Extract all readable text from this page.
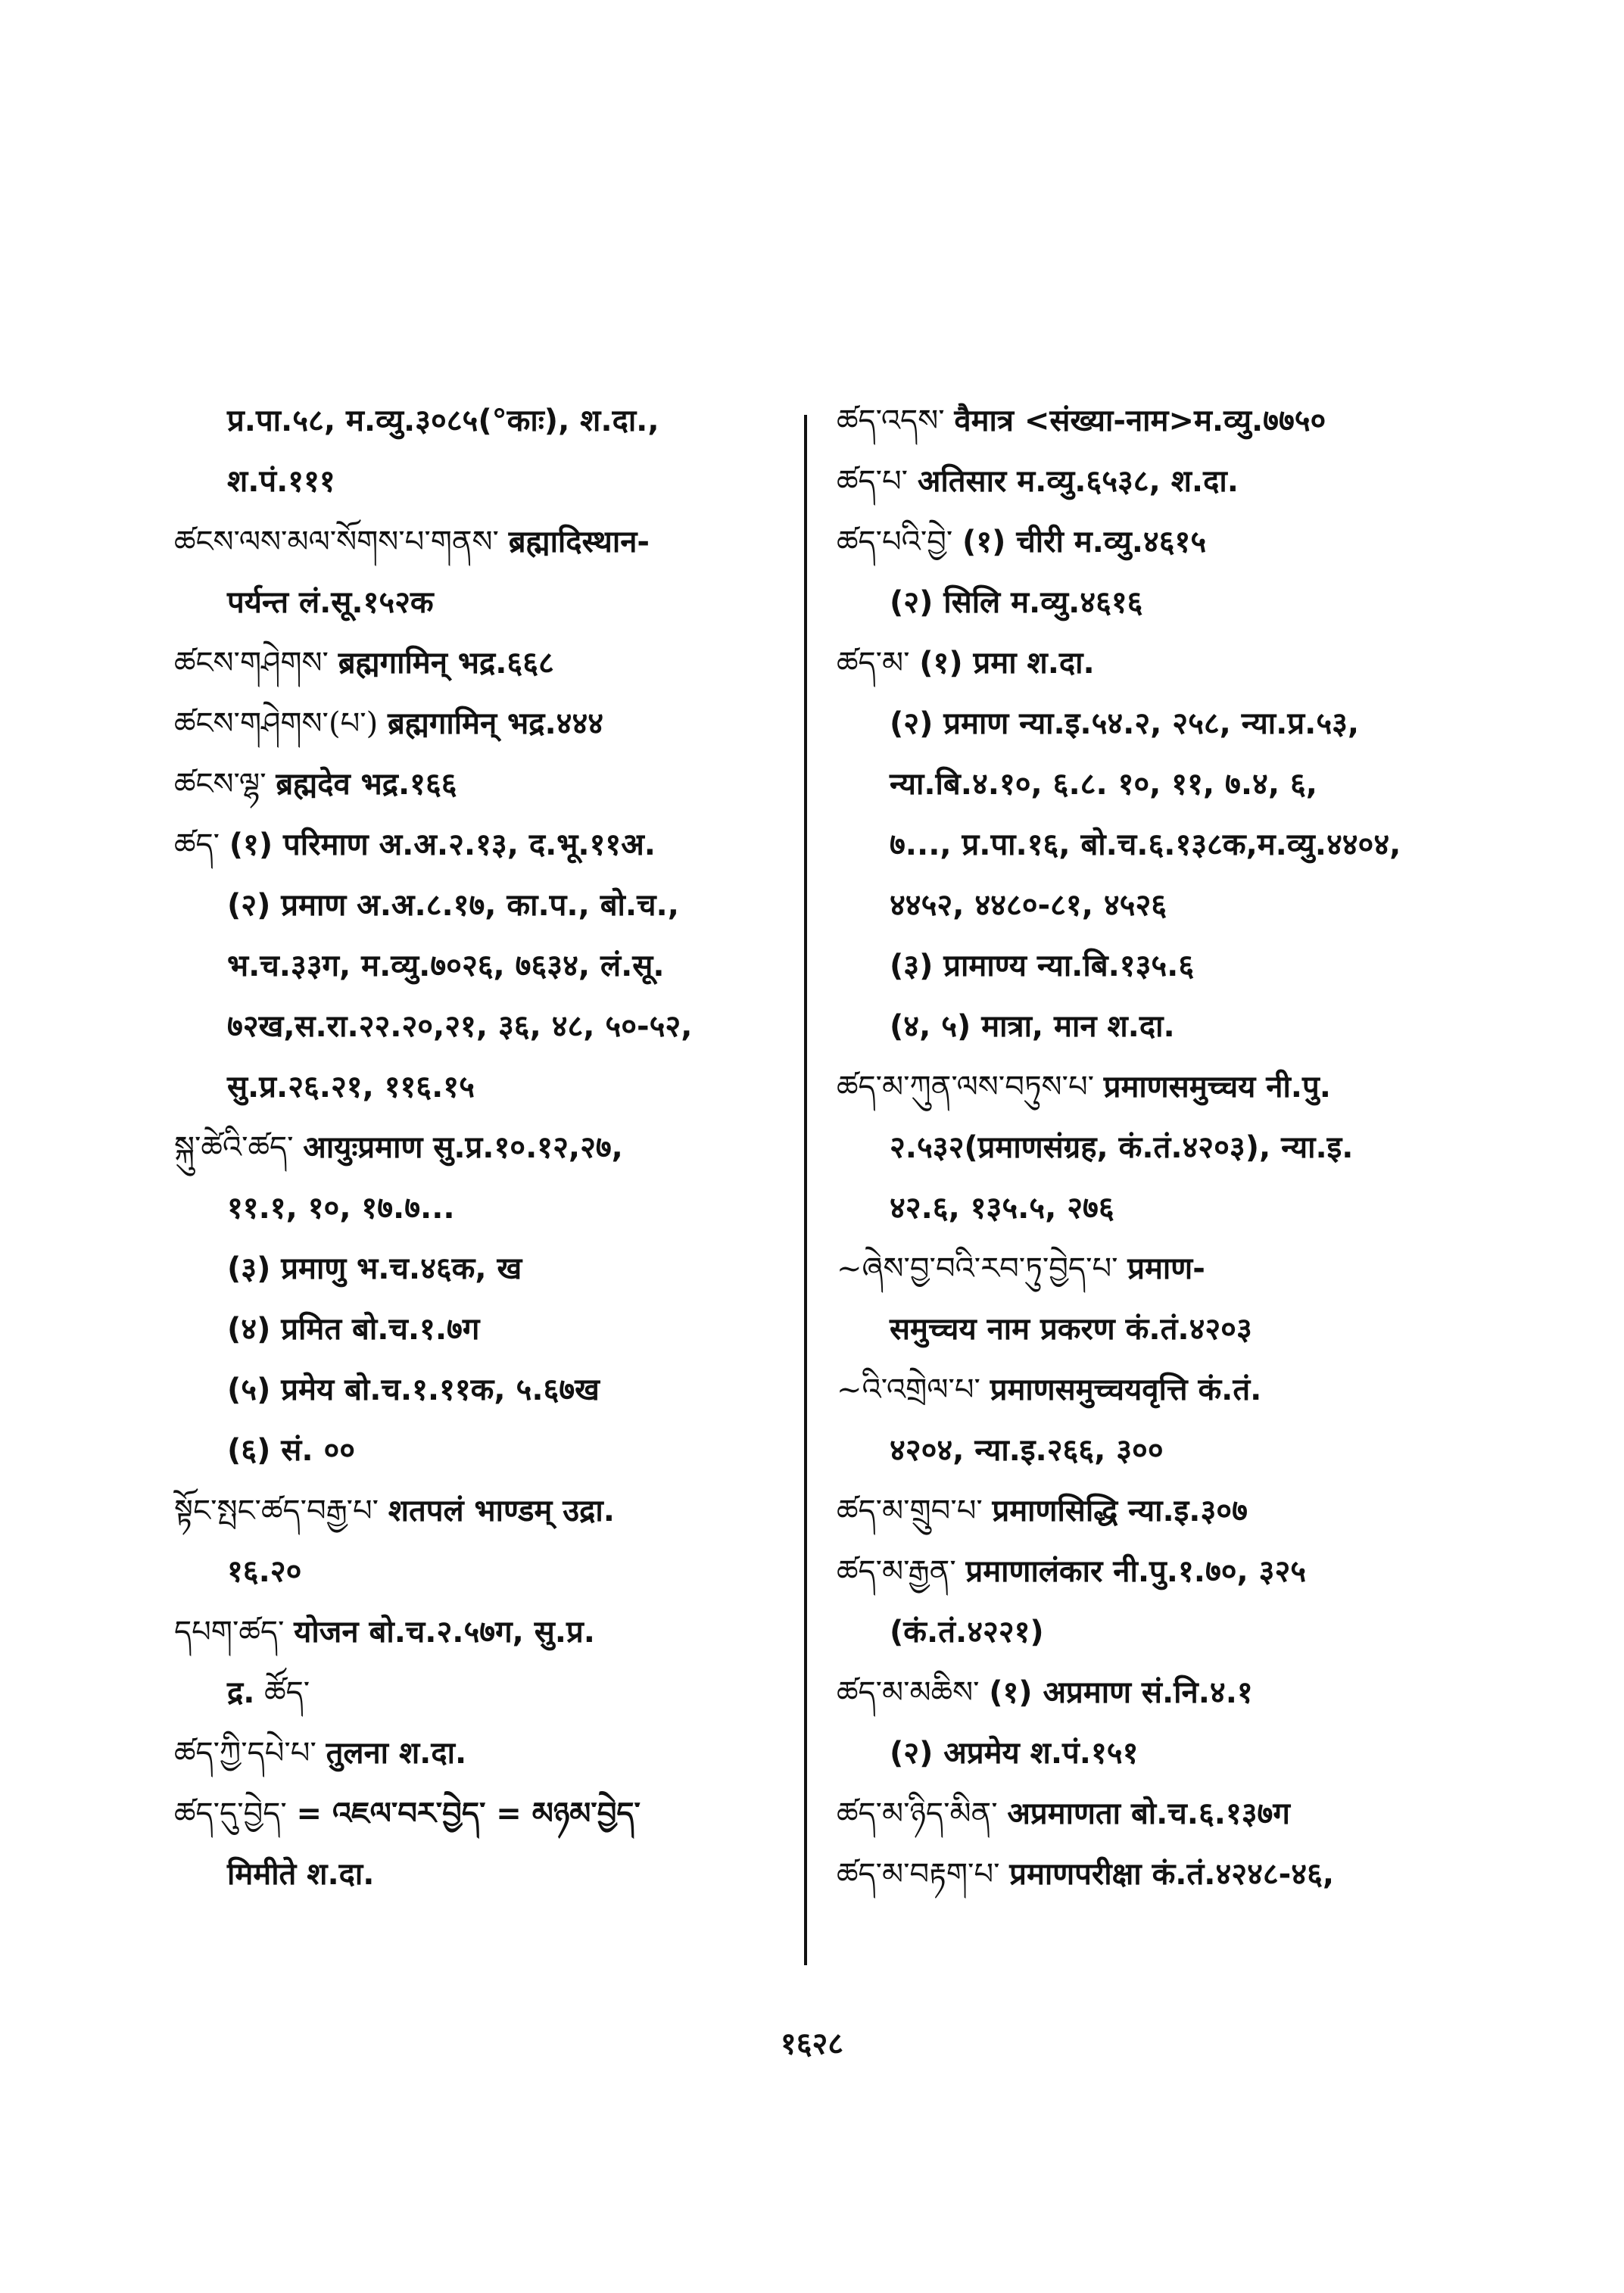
प्र.पा.५८, म.व्यु.३०८५(°काः), श.दा.,
श.पं.१११
ཚངས་ལས་མལ་སོགས་པ་གནས་ ब्रह्मादिस्थान-
पर्यन्त लं.सू.१५२क
ཚངས་གཤེགས་ ब्रह्मगामिन् भद्र.६६८
ཚངས་གཤེགས་(པ་) ब्रह्मगामिन् भद्र.४४४
ཚངས་ལྷ་ ब्रह्मदेव भद्र.१६६
ཚད་ (१) परिमाण अ.अ.२.१३, द.भू.११अ.
(२) प्रमाण अ.अ.८.१७, का.प., बो.च.,
भ.च.३३ग, म.व्यु.७०२६, ७६३४, लं.सू.
७२ख,स.रा.२२.२०,२१, ३६, ४८, ५०-५२,
सु.प्र.२६.२१, ११६.१५
སྐུ་ཚེའི་ཚད་ आयुःप्रमाण सु.प्र.१०.१२,२७,
११.१, १०, १७.७...
(३) प्रमाणु भ.च.४६क, ख
(४) प्रमित बो.च.१.७ग
(५) प्रमेय बो.च.१.११क, ५.६७ख
(६) सं. ००
སྟོང་སྤང་ཚད་བརྒྱ་པ་ शतपलं भाण्डम् उद्रा.
१६.२०
དཔག་ཚད་ योजन बो.च.२.५७ग, सु.प्र.
द्र. ཚོད་
ཚད་ཀྱི་དཔེ་པ་ तुलना श.दा.
ཚད་དུ་བྱེད་ = འཇལ་བར་བྱེད་ = མཉམ་བྱེད་
मिमीते श.दा.
ཚད་འདས་ वैमात्र <संख्या-नाम>म.व्यु.७७५०
ཚད་པ་ अतिसार म.व्यु.६५३८, श.दा.
ཚད་པའི་བྱེ་ (१) चीरी म.व्यु.४६१५
(२) सिलि म.व्यु.४६१६
ཚད་མ་ (१) प्रमा श.दा.
(२) प्रमाण न्या.इ.५४.२, २५८, न्या.प्र.५३,
न्या.बि.४.१०, ६.८. १०, ११, ७.४, ६,
७..., प्र.पा.१६, बो.च.६.१३८क,म.व्यु.४४०४,
४४५२, ४४८०-८१, ४५२६
(३) प्रामाण्य न्या.बि.१३५.६
(४, ५) मात्रा, मान श.दा.
ཚད་མ་ཀུན་ལས་བཏུས་པ་ प्रमाणसमुच्चय नी.पु.
२.५३२(प्रमाणसंग्रह, कं.तं.४२०३), न्या.इ.
४२.६, १३५.५, २७६
~ཞེས་བྱ་བའི་རབ་ཏུ་བྱེད་པ་ प्रमाण-
समुच्चय नाम प्रकरण कं.तं.४२०३
~འི་འགྲེལ་པ་ प्रमाणसमुच्चयवृत्ति कं.तं.
४२०४, न्या.इ.२६६, ३००
ཚད་མ་གྲུབ་པ་ प्रमाणसिद्धि न्या.इ.३०७
ཚད་མ་རྒྱན་ प्रमाणालंकार नी.पु.१.७०, ३२५
(कं.तं.४२२१)
ཚད་མ་མཆིས་ (१) अप्रमाण सं.नि.४.१
(२) अप्रमेय श.पं.१५१
ཚད་མ་ཉིད་མིན་ अप्रमाणता बो.च.६.१३७ग
ཚད་མ་བརྟག་པ་ प्रमाणपरीक्षा कं.तं.४२४८-४६,
१६२८
